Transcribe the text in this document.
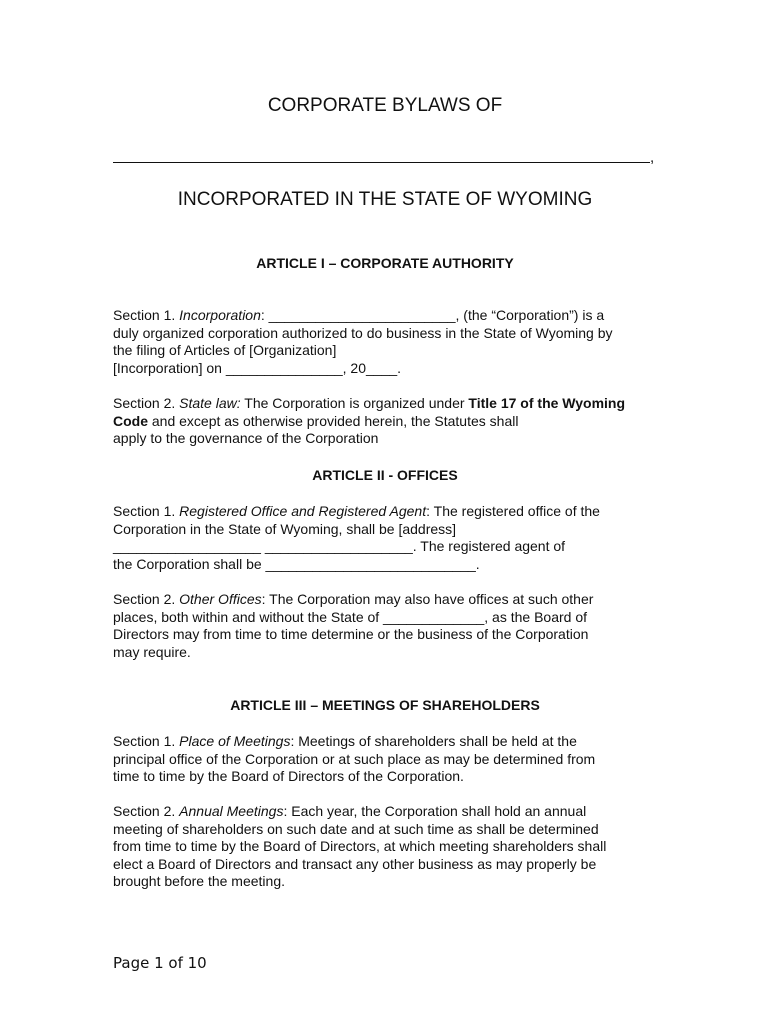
CORPORATE BYLAWS OF
,
INCORPORATED IN THE STATE OF WYOMING
ARTICLE I – CORPORATE AUTHORITY

Section 1. Incorporation: ________________________, (the “Corporation”) is a

duly organized corporation authorized to do business in the State of Wyoming by

the filing of Articles of [Organization]

[Incorporation] on _______________, 20____.

Section 2. State law: The Corporation is organized under Title 17 of the Wyoming

Code and except as otherwise provided herein, the Statutes shall

apply to the governance of the Corporation

ARTICLE II - OFFICES

Section 1. Registered Office and Registered Agent: The registered office of the

Corporation in the State of Wyoming, shall be [address]

___________________ ___________________. The registered agent of

the Corporation shall be ___________________________.

Section 2. Other Offices: The Corporation may also have offices at such other

places, both within and without the State of _____________, as the Board of

Directors may from time to time determine or the business of the Corporation

may require.

ARTICLE III – MEETINGS OF SHAREHOLDERS

Section 1. Place of Meetings: Meetings of shareholders shall be held at the

principal office of the Corporation or at such place as may be determined from

time to time by the Board of Directors of the Corporation.

Section 2. Annual Meetings: Each year, the Corporation shall hold an annual

meeting of shareholders on such date and at such time as shall be determined

from time to time by the Board of Directors, at which meeting shareholders shall

elect a Board of Directors and transact any other business as may properly be

brought before the meeting.

Page 1 of 10
